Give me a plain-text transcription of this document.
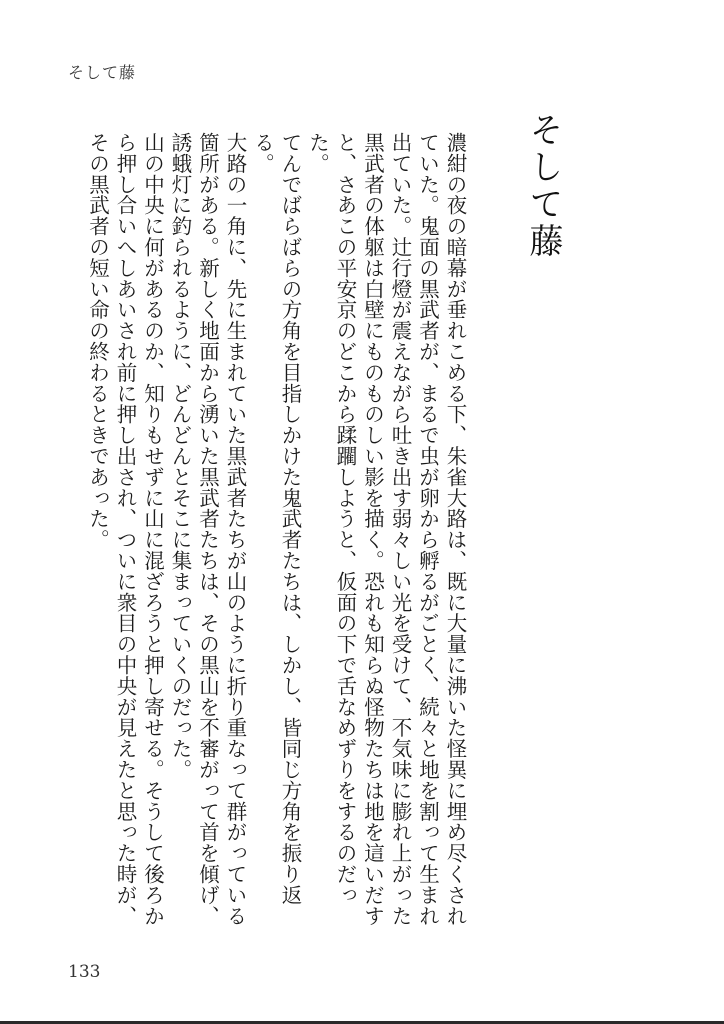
そして藤
そして藤

濃紺の夜の暗幕が垂れこめる下、朱雀大路は、既に大量に沸いた怪異に埋め尽くされていた。鬼面の黒武者が、まるで虫が卵から孵るがごとく、続々と地を割って生まれ出ていた。辻行燈が震えながら吐き出す弱々しい光を受けて、不気味に膨れ上がった黒武者の体躯は白壁にものものしい影を描く。恐れも知らぬ怪物たちは地を這いだすと、さあこの平安京のどこから蹂躙しようと、仮面の下で舌なめずりをするのだった。

てんでばらばらの方角を目指しかけた鬼武者たちは、しかし、皆同じ方角を振り返る。

大路の一角に、先に生まれていた黒武者たちが山のように折り重なって群がっている箇所がある。新しく地面から湧いた黒武者たちは、その黒山を不審がって首を傾げ、誘蛾灯に釣られるように、どんどんとそこに集まっていくのだった。

山の中央に何があるのか、知りもせずに山に混ざろうと押し寄せる。そうして後ろから押し合いへしあいされ前に押し出され、ついに衆目の中央が見えたと思った時が、その黒武者の短い命の終わるときであった。

133
